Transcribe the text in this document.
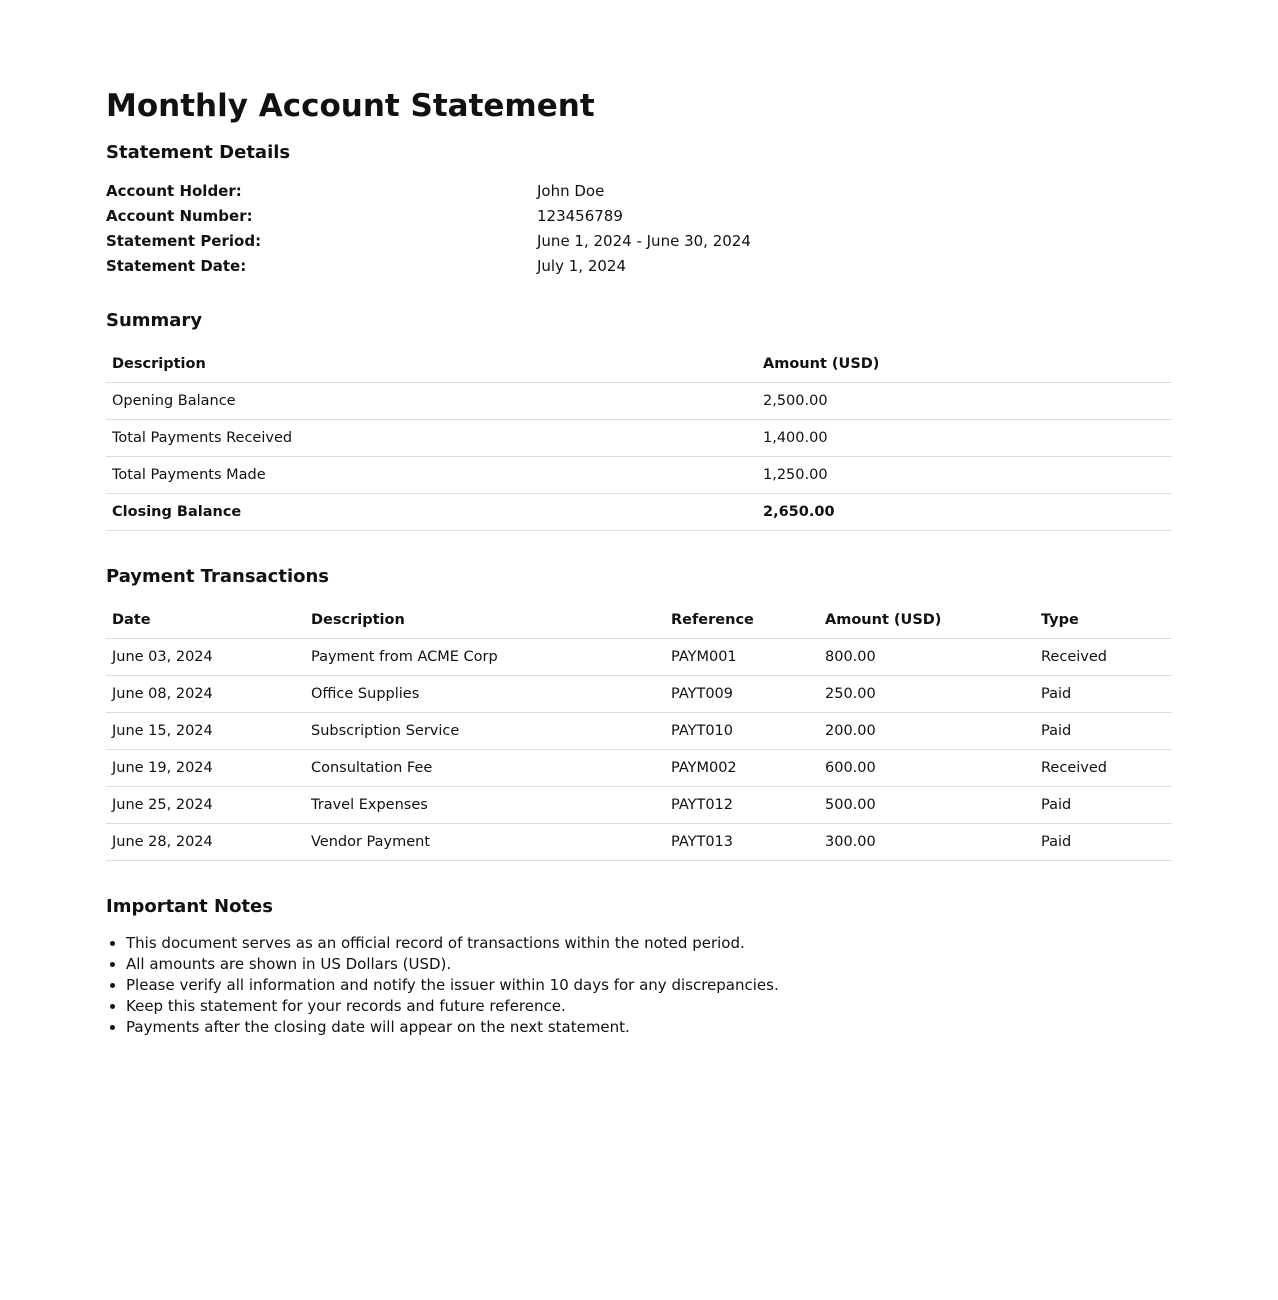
Monthly Account Statement
Statement Details
Account Holder:	John Doe
Account Number:	123456789
Statement Period:	June 1, 2024 - June 30, 2024
Statement Date:	July 1, 2024
Summary
Description	Amount (USD)
Opening Balance	2,500.00
Total Payments Received	1,400.00
Total Payments Made	1,250.00
Closing Balance	2,650.00
Payment Transactions
Date	Description	Reference	Amount (USD)	Type
June 03, 2024	Payment from ACME Corp	PAYM001	800.00	Received
June 08, 2024	Office Supplies	PAYT009	250.00	Paid
June 15, 2024	Subscription Service	PAYT010	200.00	Paid
June 19, 2024	Consultation Fee	PAYM002	600.00	Received
June 25, 2024	Travel Expenses	PAYT012	500.00	Paid
June 28, 2024	Vendor Payment	PAYT013	300.00	Paid
Important Notes
• This document serves as an official record of transactions within the noted period.
• All amounts are shown in US Dollars (USD).
• Please verify all information and notify the issuer within 10 days for any discrepancies.
• Keep this statement for your records and future reference.
• Payments after the closing date will appear on the next statement.
